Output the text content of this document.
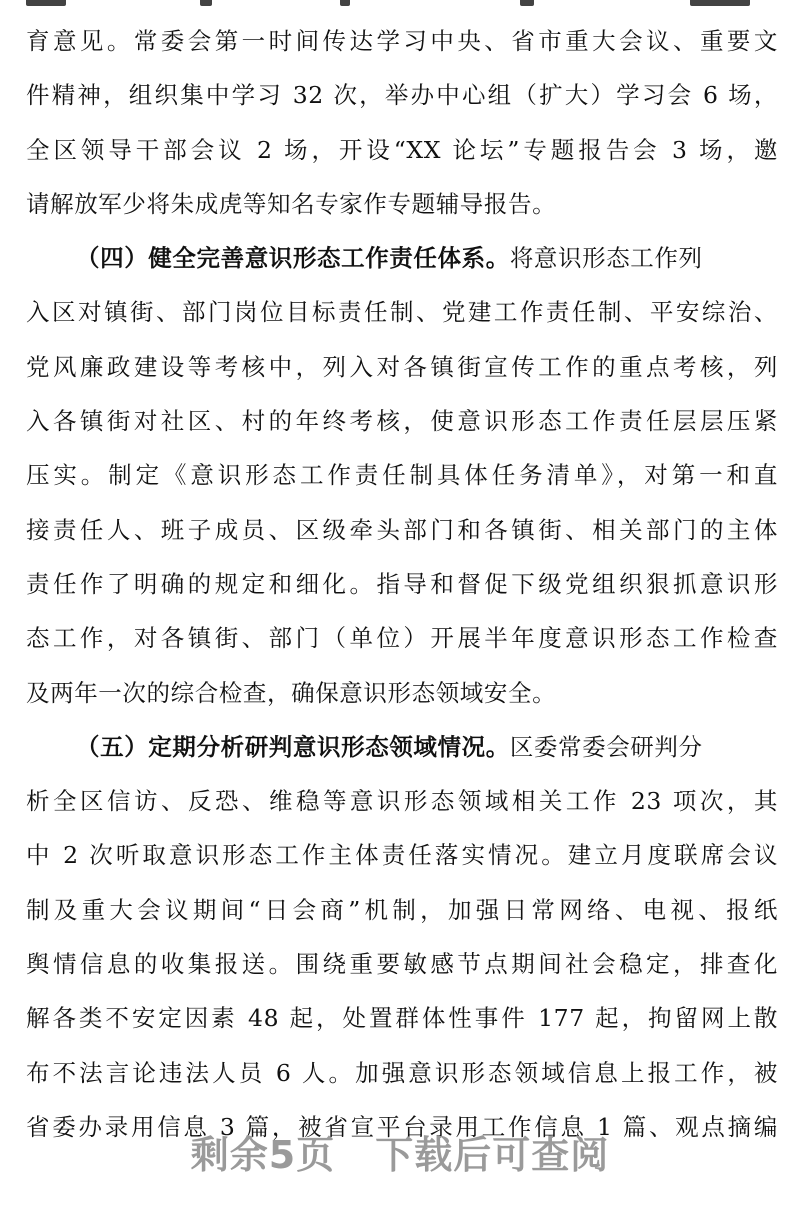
育意见。常委会第一时间传达学习中央、省市重大会议、重要文
件精神，组织集中学习 32 次，举办中心组（扩大）学习会 6 场，
全区领导干部会议 2 场，开设“XX 论坛”专题报告会 3 场，邀
请解放军少将朱成虎等知名专家作专题辅导报告。
（四）健全完善意识形态工作责任体系。将意识形态工作列
入区对镇街、部门岗位目标责任制、党建工作责任制、平安综治、
党风廉政建设等考核中，列入对各镇街宣传工作的重点考核，列
入各镇街对社区、村的年终考核，使意识形态工作责任层层压紧
压实。制定《意识形态工作责任制具体任务清单》，对第一和直
接责任人、班子成员、区级牵头部门和各镇街、相关部门的主体
责任作了明确的规定和细化。指导和督促下级党组织狠抓意识形
态工作，对各镇街、部门（单位）开展半年度意识形态工作检查
及两年一次的综合检查，确保意识形态领域安全。
（五）定期分析研判意识形态领域情况。区委常委会研判分
析全区信访、反恐、维稳等意识形态领域相关工作 23 项次，其
中 2 次听取意识形态工作主体责任落实情况。建立月度联席会议
制及重大会议期间“日会商”机制，加强日常网络、电视、报纸
舆情信息的收集报送。围绕重要敏感节点期间社会稳定，排查化
解各类不安定因素 48 起，处置群体性事件 177 起，拘留网上散
布不法言论违法人员 6 人。加强意识形态领域信息上报工作，被
省委办录用信息 3 篇，被省宣平台录用工作信息 1 篇、观点摘编
剩余5页 下载后可查阅
